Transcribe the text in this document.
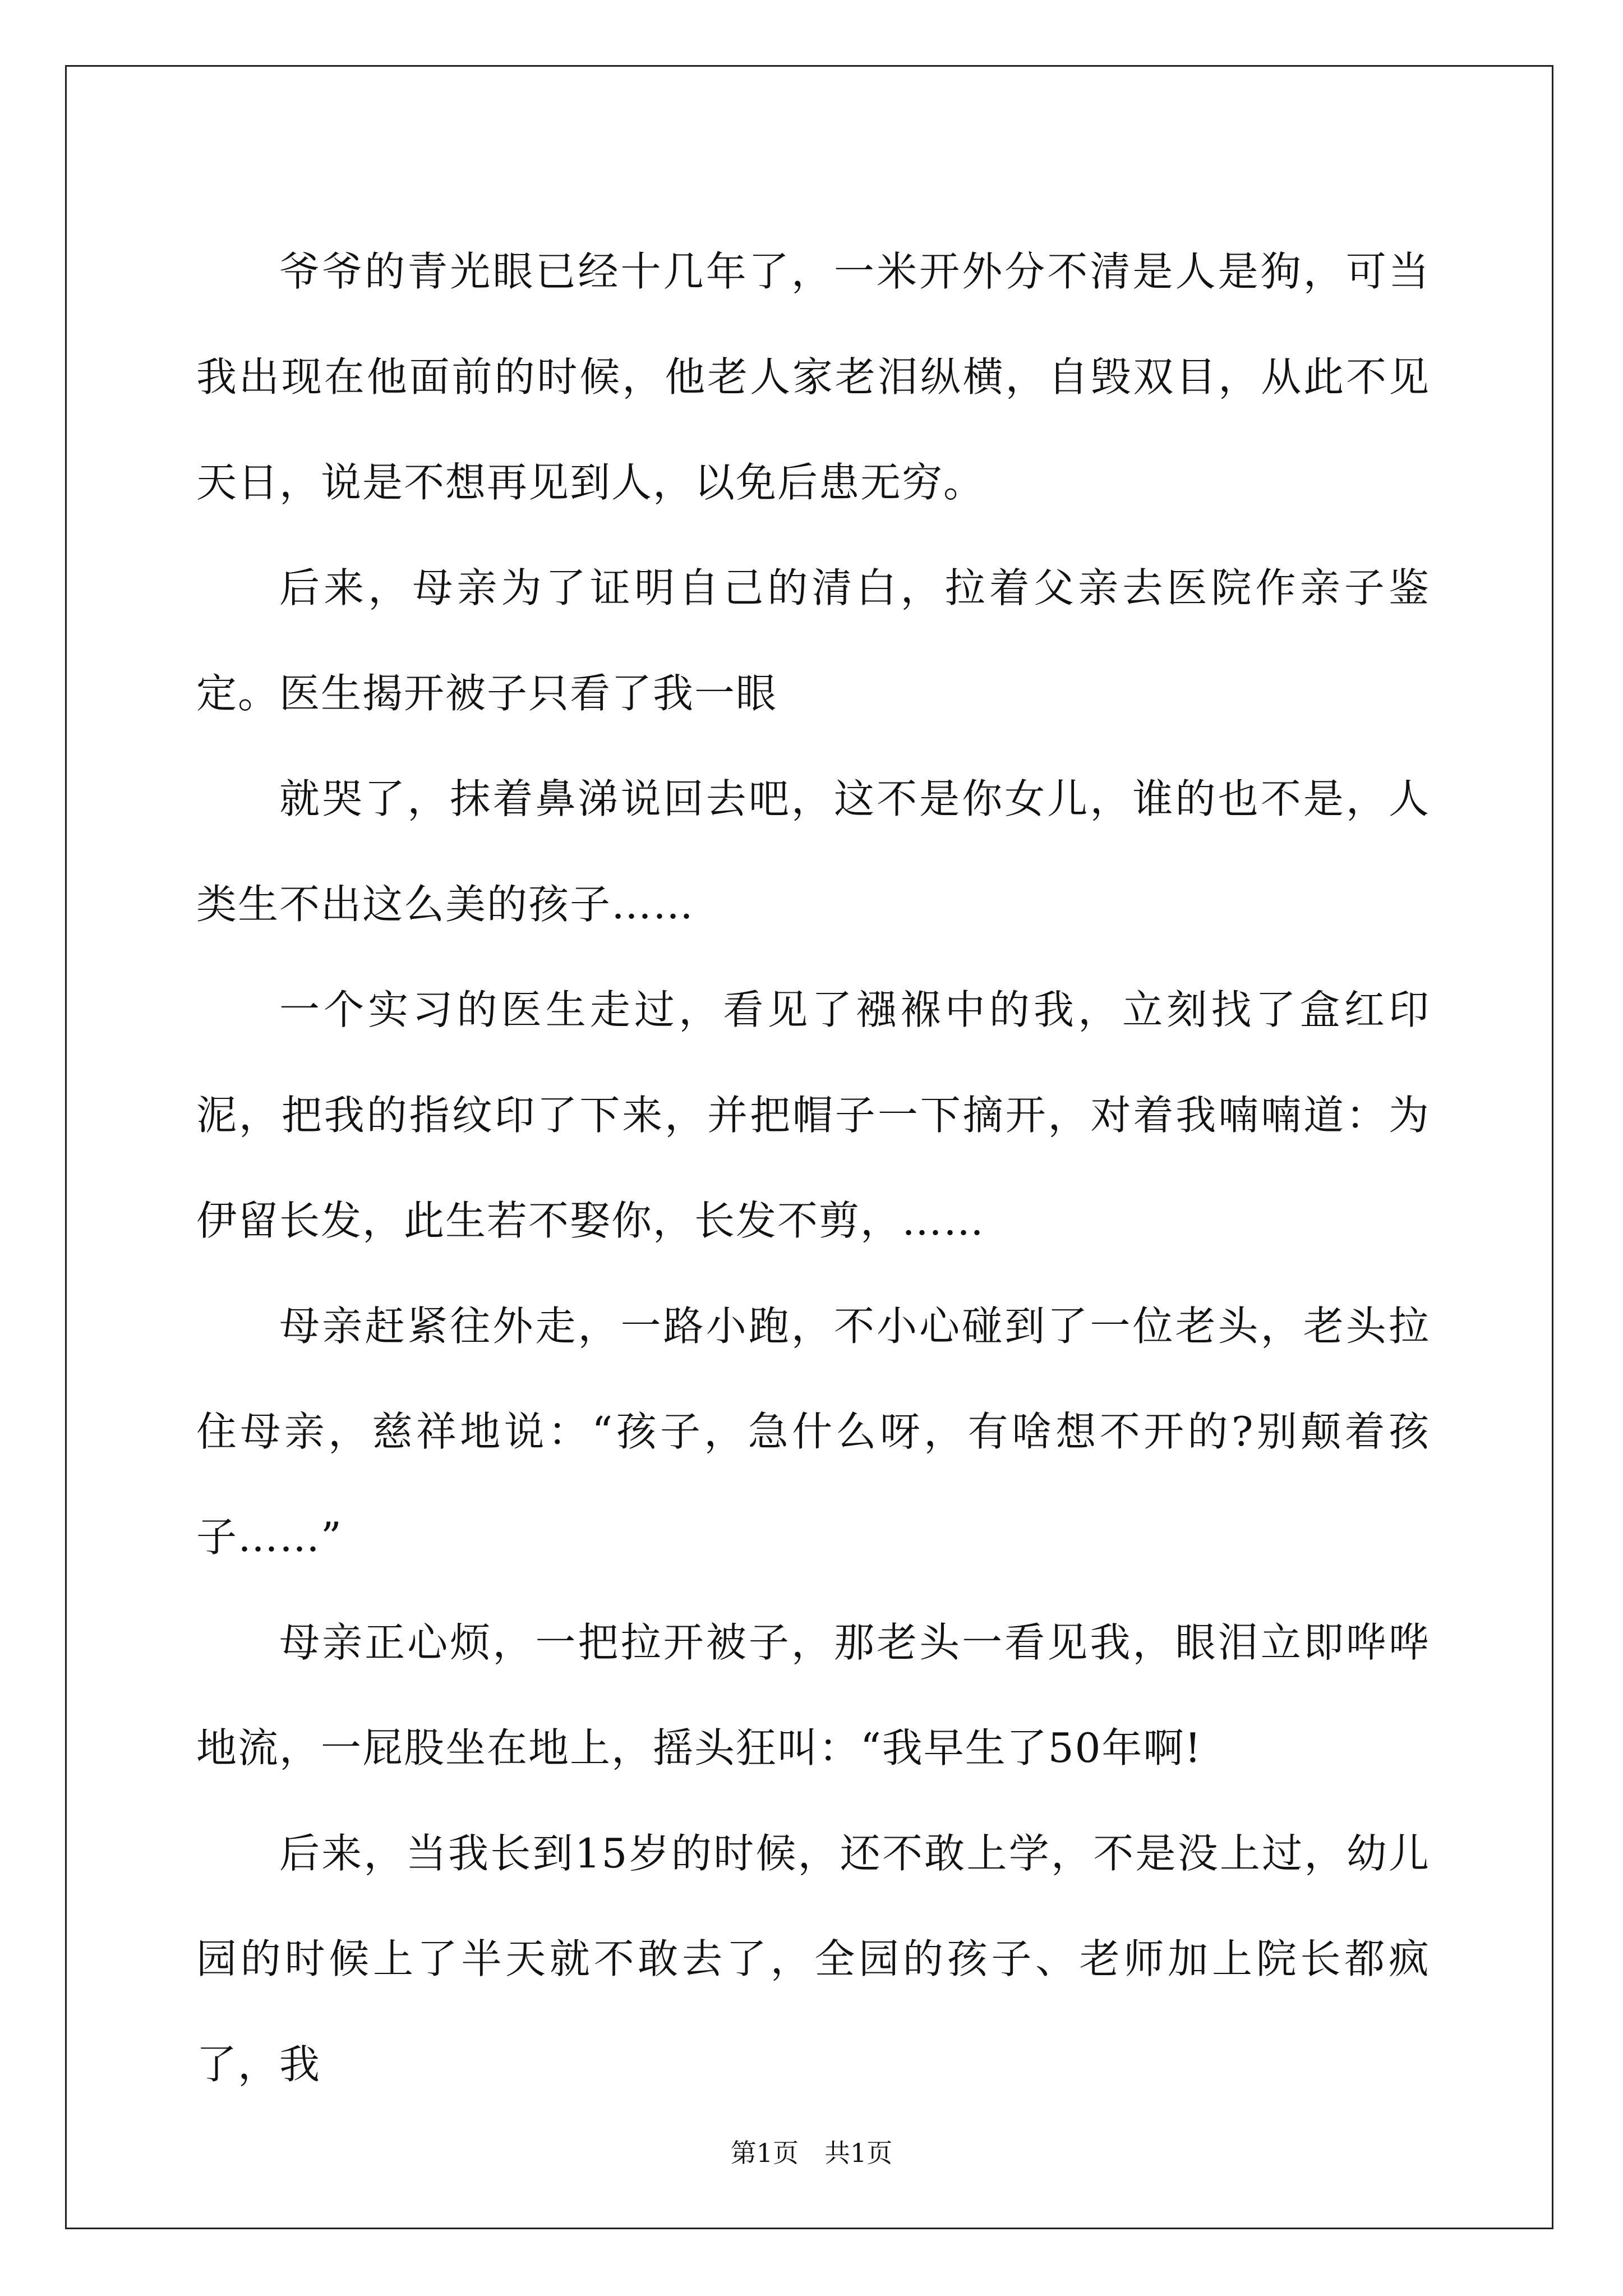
爷爷的青光眼已经十几年了，一米开外分不清是人是狗，可当我出现在他面前的时候，他老人家老泪纵横，自毁双目，从此不见天日，说是不想再见到人，以免后患无穷。

后来，母亲为了证明自己的清白，拉着父亲去医院作亲子鉴定。医生揭开被子只看了我一眼

就哭了，抹着鼻涕说回去吧，这不是你女儿，谁的也不是，人类生不出这么美的孩子……

一个实习的医生走过，看见了襁褓中的我，立刻找了盒红印泥，把我的指纹印了下来，并把帽子一下摘开，对着我喃喃道：为伊留长发，此生若不娶你，长发不剪，……

母亲赶紧往外走，一路小跑，不小心碰到了一位老头，老头拉住母亲，慈祥地说：“孩子，急什么呀，有啥想不开的?别颠着孩子……”

母亲正心烦，一把拉开被子，那老头一看见我，眼泪立即哗哗地流，一屁股坐在地上，摇头狂叫：“我早生了50年啊!

后来，当我长到15岁的时候，还不敢上学，不是没上过，幼儿园的时候上了半天就不敢去了，全园的孩子、老师加上院长都疯了，我

第1页 共1页
